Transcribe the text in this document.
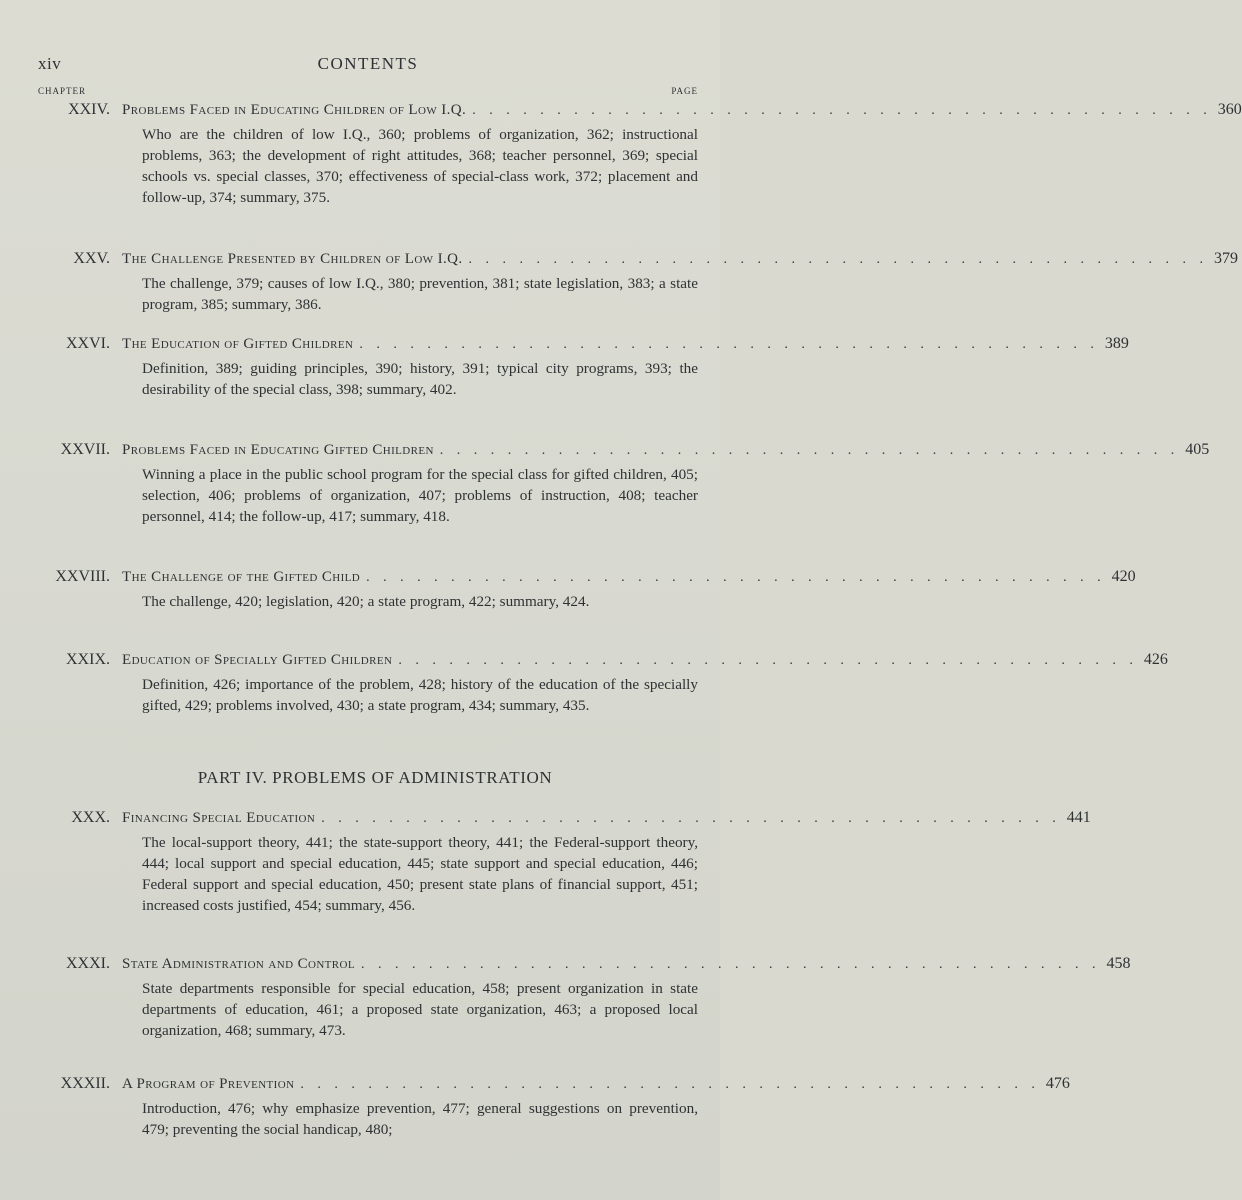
xiv	CONTENTS
CHAPTER	PAGE
XXIV. Problems Faced in Educating Children of Low I.Q. . . . . . . . . . . . . . . . . . . . . . . . . . . . . . . . . . . . . . . . . . . . . 360
Who are the children of low I.Q., 360; problems of organization, 362; instructional problems, 363; the development of right attitudes, 368; teacher personnel, 369; special schools vs. special classes, 370; effectiveness of special-class work, 372; placement and follow-up, 374; summary, 375.
XXV. The Challenge Presented by Children of Low I.Q. . . . . . . . . . . . . . . . . . . . . . . . . . . . . . . . . . . . . . . . . . . . . 379
The challenge, 379; causes of low I.Q., 380; prevention, 381; state legislation, 383; a state program, 385; summary, 386.
XXVI. The Education of Gifted Children . . . . . . . . . . . . . . . . . . . . . . . . . . . . . . . . . . . . . . . . . . . . 389
Definition, 389; guiding principles, 390; history, 391; typical city programs, 393; the desirability of the special class, 398; summary, 402.
XXVII. Problems Faced in Educating Gifted Children . . . . . . . . . . . . . . . . . . . . . . . . . . . . . . . . . . . . . . . . . . . . 405
Winning a place in the public school program for the special class for gifted children, 405; selection, 406; problems of organization, 407; problems of instruction, 408; teacher personnel, 414; the follow-up, 417; summary, 418.
XXVIII. The Challenge of the Gifted Child . . . . . . . . . . . . . . . . . . . . . . . . . . . . . . . . . . . . . . . . . . . . 420
The challenge, 420; legislation, 420; a state program, 422; summary, 424.
XXIX. Education of Specially Gifted Children . . . . . . . . . . . . . . . . . . . . . . . . . . . . . . . . . . . . . . . . . . . . 426
Definition, 426; importance of the problem, 428; history of the education of the specially gifted, 429; problems involved, 430; a state program, 434; summary, 435.
PART IV. PROBLEMS OF ADMINISTRATION
XXX. Financing Special Education . . . . . . . . . . . . . . . . . . . . . . . . . . . . . . . . . . . . . . . . . . . . 441
The local-support theory, 441; the state-support theory, 441; the Federal-support theory, 444; local support and special education, 445; state support and special education, 446; Federal support and special education, 450; present state plans of financial support, 451; increased costs justified, 454; summary, 456.
XXXI. State Administration and Control . . . . . . . . . . . . . . . . . . . . . . . . . . . . . . . . . . . . . . . . . . . . 458
State departments responsible for special education, 458; present organization in state departments of education, 461; a proposed state organization, 463; a proposed local organization, 468; summary, 473.
XXXII. A Program of Prevention . . . . . . . . . . . . . . . . . . . . . . . . . . . . . . . . . . . . . . . . . . . . 476
Introduction, 476; why emphasize prevention, 477; general suggestions on prevention, 479; preventing the social handicap, 480;
